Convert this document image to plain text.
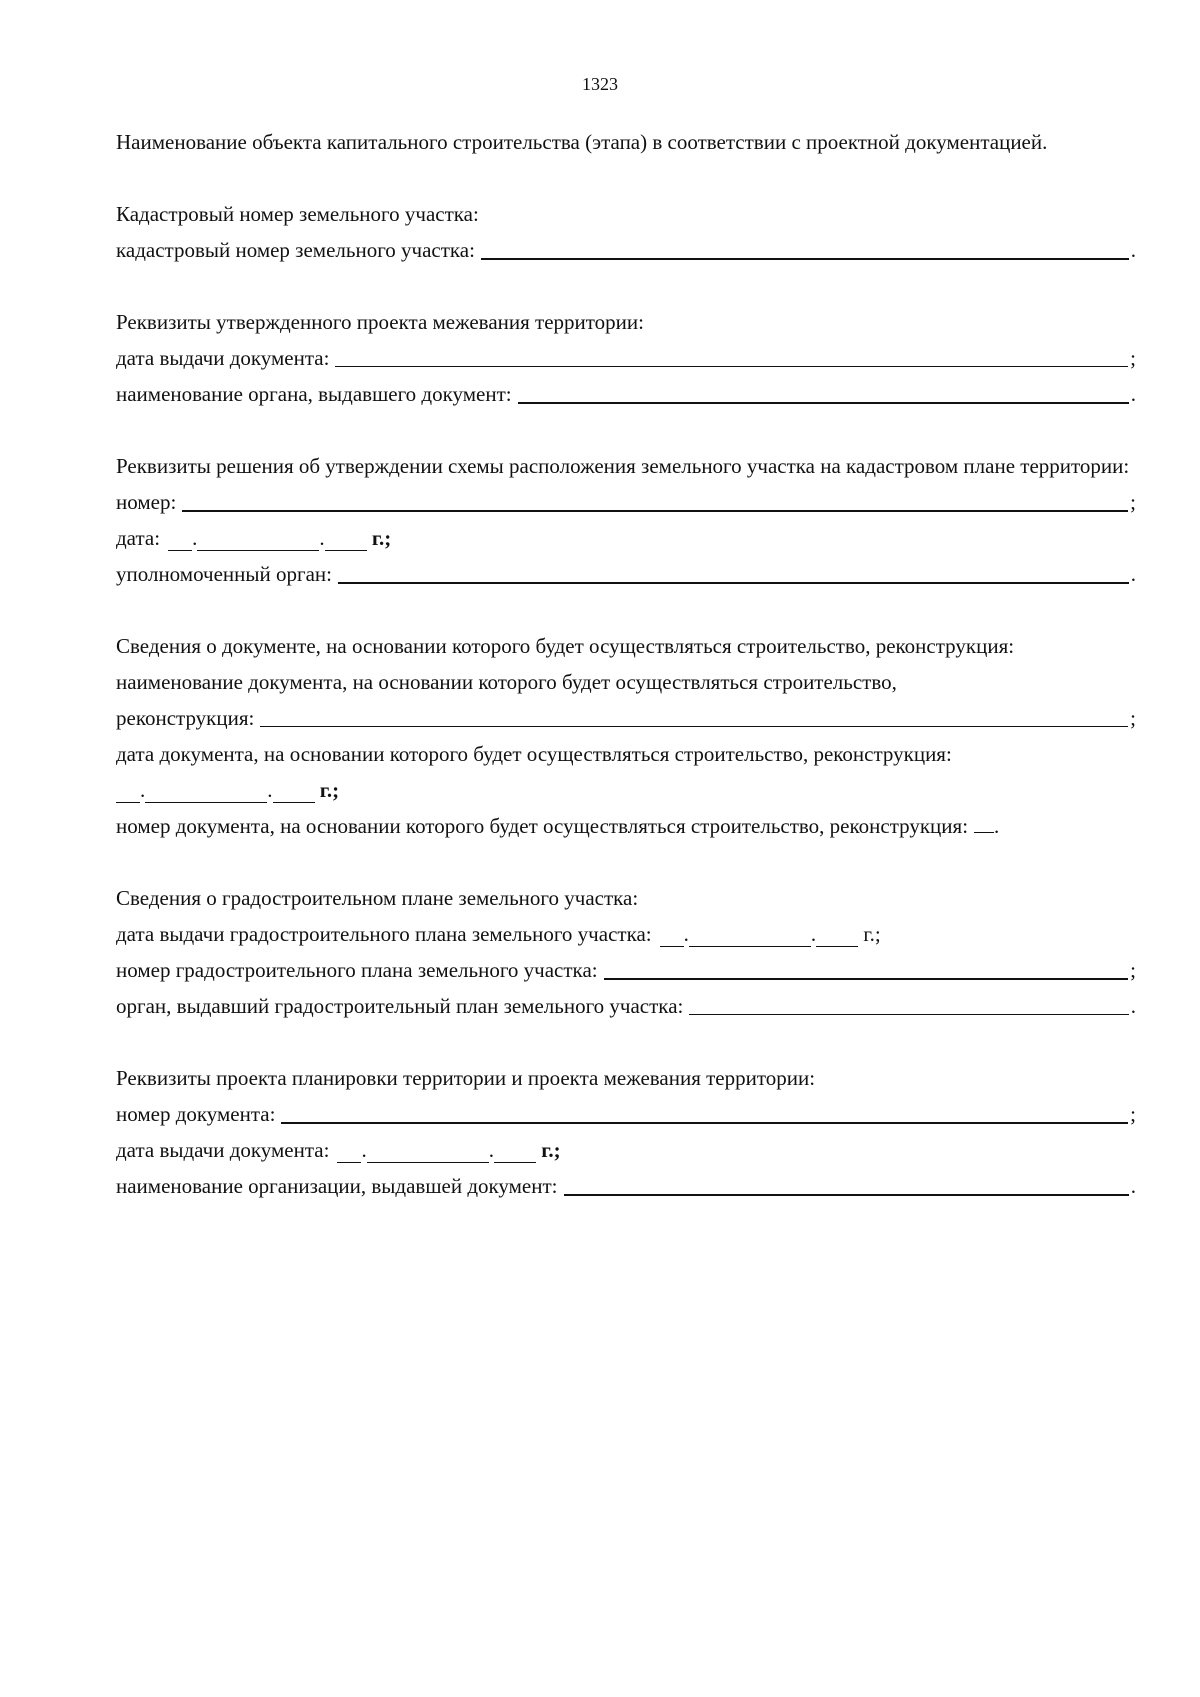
1323
Наименование объекта капитального строительства (этапа) в соответствии с проектной документацией.
Кадастровый номер земельного участка:
кадастровый номер земельного участка:	.
Реквизиты утвержденного проекта межевания территории:
дата выдачи документа:	;
наименование органа, выдавшего документ:	.
Реквизиты решения об утверждении схемы расположения земельного участка на кадастровом плане территории:
номер:	;
дата:	.	. г.;
уполномоченный орган:	.
Сведения о документе, на основании которого будет осуществляться строительство, реконструкция:
наименование документа, на основании которого будет осуществляться строительство,
реконструкция:	;
дата документа, на основании которого будет осуществляться строительство, реконструкция:
.	. г.;
номер документа, на основании которого будет осуществляться строительство, реконструкция: .
Сведения о градостроительном плане земельного участка:
дата выдачи градостроительного плана земельного участка:	.	. г.;
номер градостроительного плана земельного участка:	;
орган, выдавший градостроительный план земельного участка:	.
Реквизиты проекта планировки территории и проекта межевания территории:
номер документа:	;
дата выдачи документа:	.	. г.;
наименование организации, выдавшей документ:	.
